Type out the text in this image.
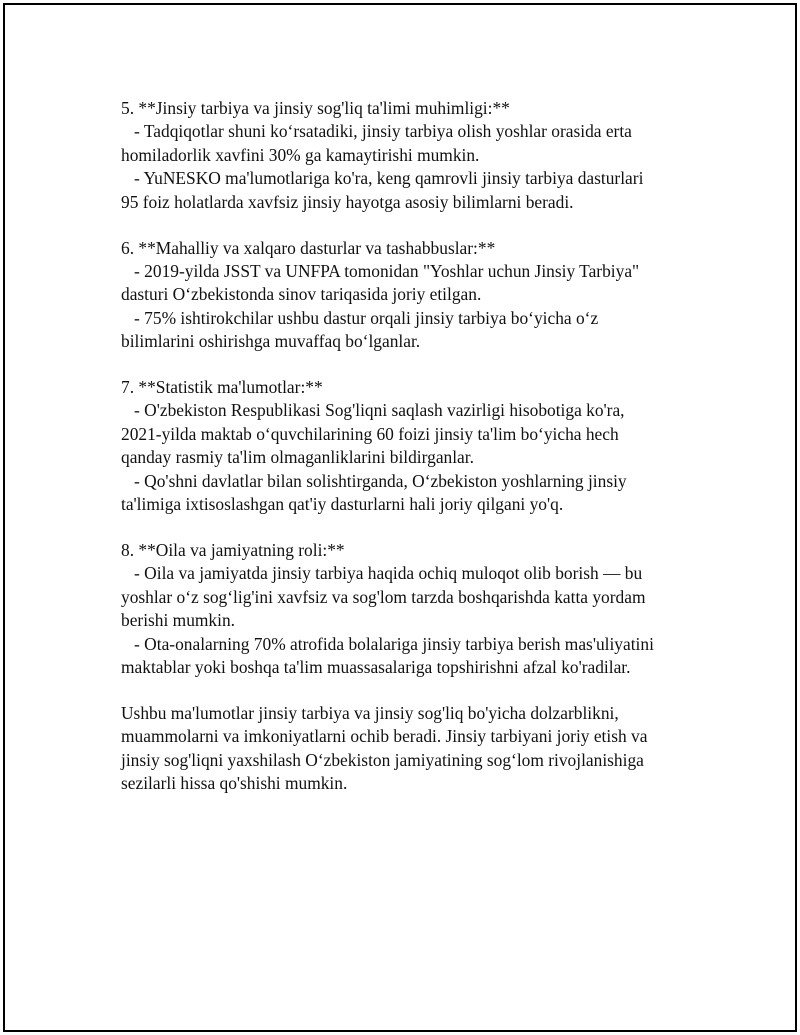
5. **Jinsiy tarbiya va jinsiy sog'liq ta'limi muhimligi:**
- Tadqiqotlar shuni ko‘rsatadiki, jinsiy tarbiya olish yoshlar orasida erta
homiladorlik xavfini 30% ga kamaytirishi mumkin.
- YuNESKO ma'lumotlariga ko'ra, keng qamrovli jinsiy tarbiya dasturlari
95 foiz holatlarda xavfsiz jinsiy hayotga asosiy bilimlarni beradi.
6. **Mahalliy va xalqaro dasturlar va tashabbuslar:**
- 2019-yilda JSST va UNFPA tomonidan "Yoshlar uchun Jinsiy Tarbiya"
dasturi O‘zbekistonda sinov tariqasida joriy etilgan.
- 75% ishtirokchilar ushbu dastur orqali jinsiy tarbiya bo‘yicha o‘z
bilimlarini oshirishga muvaffaq bo‘lganlar.
7. **Statistik ma'lumotlar:**
- O'zbekiston Respublikasi Sog'liqni saqlash vazirligi hisobotiga ko'ra,
2021-yilda maktab o‘quvchilarining 60 foizi jinsiy ta'lim bo‘yicha hech
qanday rasmiy ta'lim olmaganliklarini bildirganlar.
- Qo'shni davlatlar bilan solishtirganda, O‘zbekiston yoshlarning jinsiy
ta'limiga ixtisoslashgan qat'iy dasturlarni hali joriy qilgani yo'q.
8. **Oila va jamiyatning roli:**
- Oila va jamiyatda jinsiy tarbiya haqida ochiq muloqot olib borish — bu
yoshlar o‘z sog‘lig'ini xavfsiz va sog'lom tarzda boshqarishda katta yordam
berishi mumkin.
- Ota-onalarning 70% atrofida bolalariga jinsiy tarbiya berish mas'uliyatini
maktablar yoki boshqa ta'lim muassasalariga topshirishni afzal ko'radilar.
Ushbu ma'lumotlar jinsiy tarbiya va jinsiy sog'liq bo'yicha dolzarblikni,
muammolarni va imkoniyatlarni ochib beradi. Jinsiy tarbiyani joriy etish va
jinsiy sog'liqni yaxshilash O‘zbekiston jamiyatining sog‘lom rivojlanishiga
sezilarli hissa qo'shishi mumkin.
